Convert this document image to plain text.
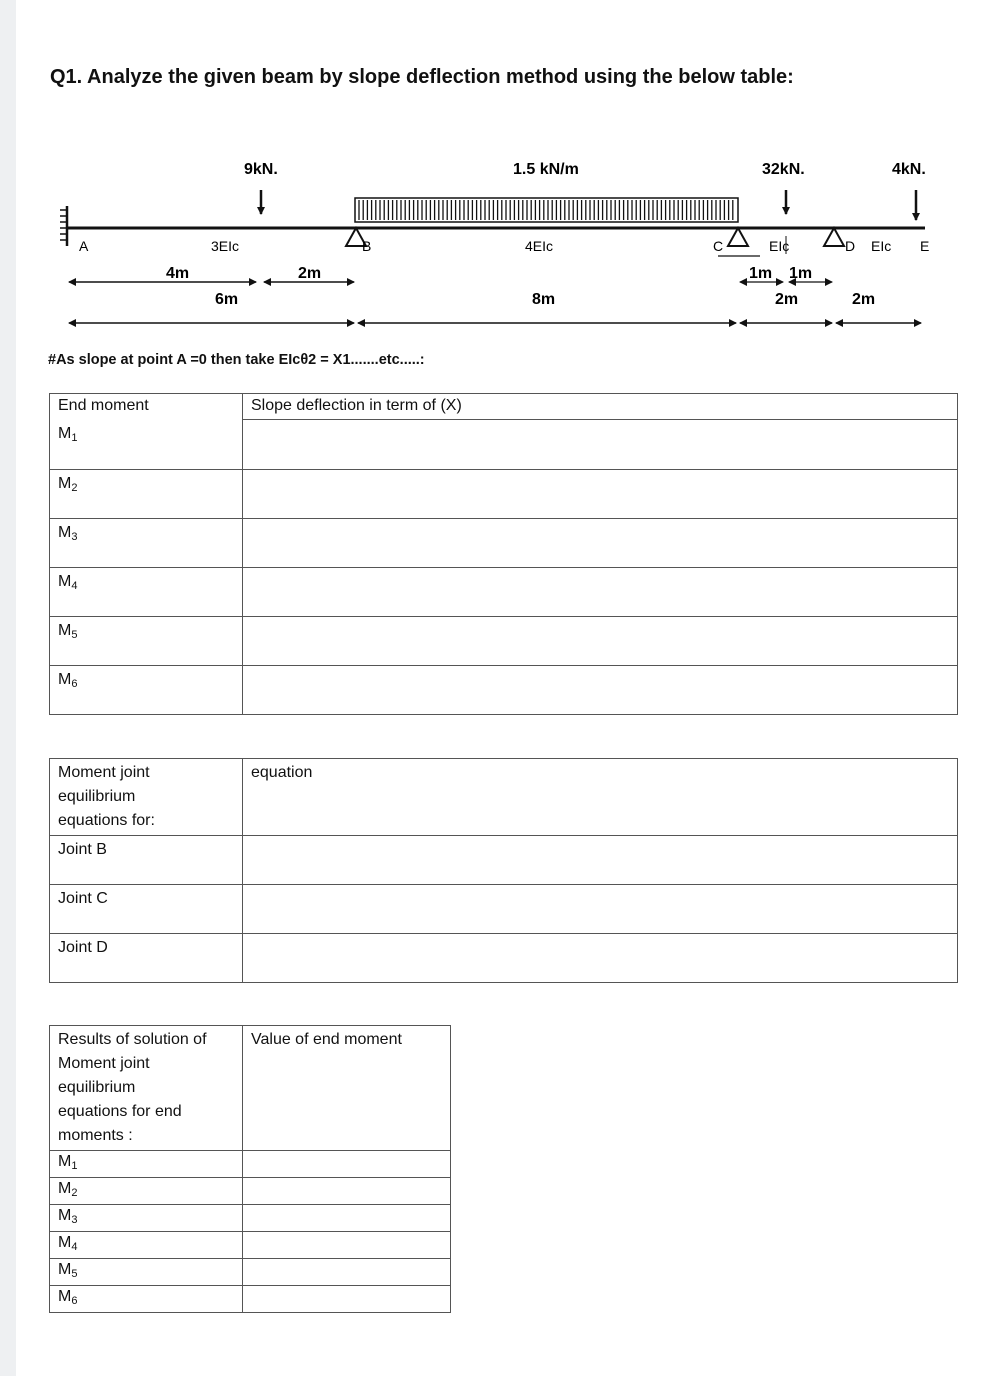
Q1. Analyze the given beam by slope deflection method using the below table:
9kN.	1.5 kN/m	32kN.	4kN.
A	B	C	D	E
3EIc	4EIc	EIc	EIc
4m	2m	1m 1m
6m	8m	2m	2m
#As slope at point A =0 then take EIcθ2 = X1.......etc.....:
End moment	Slope deflection in term of (X)
$M_1$	
$M_2$	
$M_3$	
$M_4$	
$M_5$	
$M_6$	
Moment joint
equilibrium
equations for:	equation
Joint B	
Joint C	
Joint D	
Results of solution of
Moment joint
equilibrium
equations for end
moments :	Value of end moment
$M_1$	
$M_2$	
$M_3$	
$M_4$	
$M_5$	
$M_6$	
